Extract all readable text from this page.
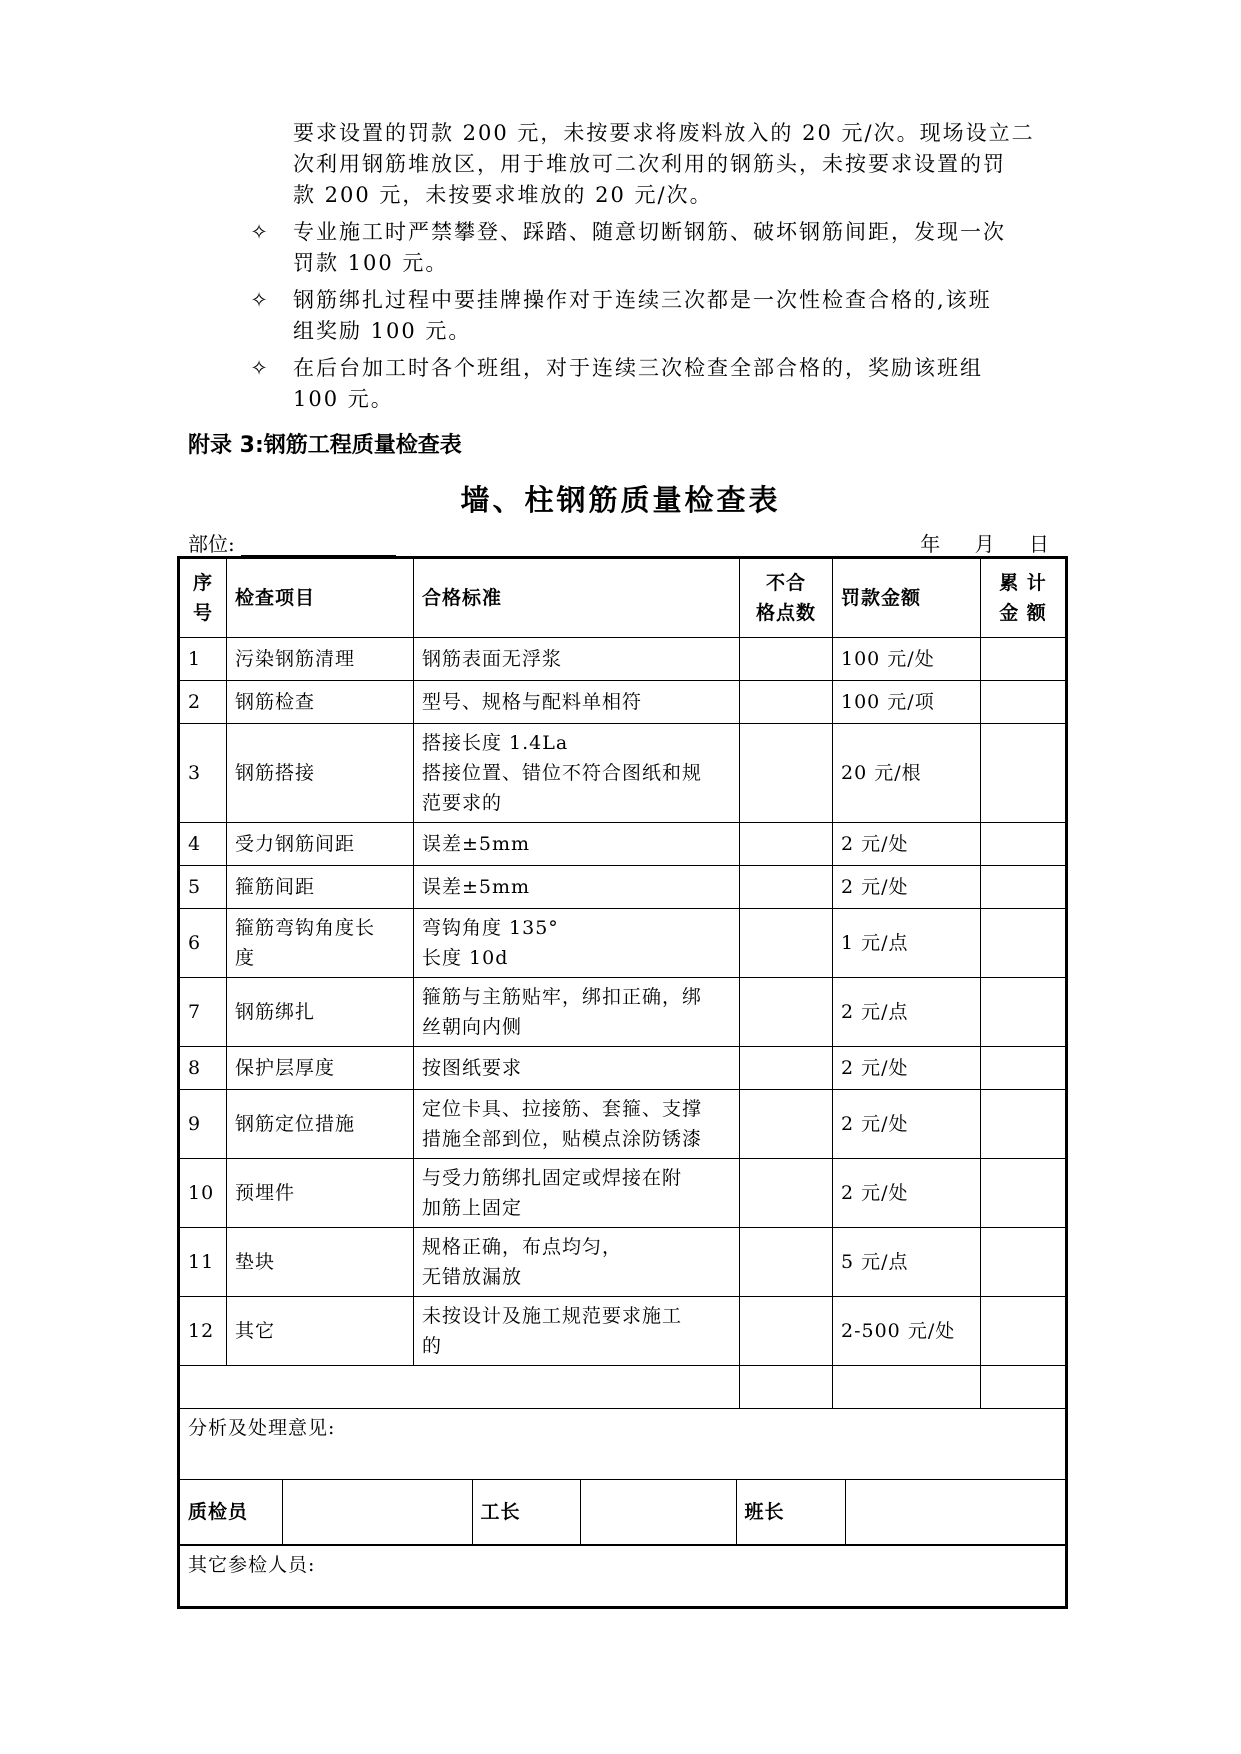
要求设置的罚款 200 元，未按要求将废料放入的 20 元/次。现场设立二

次利用钢筋堆放区，用于堆放可二次利用的钢筋头，未按要求设置的罚

款 200 元，未按要求堆放的 20 元/次。

✧ 专业施工时严禁攀登、踩踏、随意切断钢筋、破坏钢筋间距，发现一次
罚款 100 元。

✧ 钢筋绑扎过程中要挂牌操作对于连续三次都是一次性检查合格的,该班
组奖励 100 元。

✧ 在后台加工时各个班组，对于连续三次检查全部合格的，奖励该班组
100 元。

附录 3:钢筋工程质量检查表
墙、柱钢筋质量检查表
部位:	年 月 日
序
号	检查项目	合格标准	不合
格点数	罚款金额	累 计
金 额
1	污染钢筋清理	钢筋表面无浮浆		100 元/处	
2	钢筋检查	型号、规格与配料单相符		100 元/项	
3	钢筋搭接	搭接长度 1.4La
搭接位置、错位不符合图纸和规
范要求的		20 元/根	
4	受力钢筋间距	误差±5mm		2 元/处	
5	箍筋间距	误差±5mm		2 元/处	
6	箍筋弯钩角度长
度	弯钩角度 135°
长度 10d		1 元/点	
7	钢筋绑扎	箍筋与主筋贴牢，绑扣正确，绑
丝朝向内侧		2 元/点	
8	保护层厚度	按图纸要求		2 元/处	
9	钢筋定位措施	定位卡具、拉接筋、套箍、支撑
措施全部到位，贴模点涂防锈漆		2 元/处	
10	预埋件	与受力筋绑扎固定或焊接在附
加筋上固定		2 元/处	
11	垫块	规格正确，布点均匀，
无错放漏放		5 元/点	
12	其它	未按设计及施工规范要求施工
的		2-500 元/处	

分析及处理意见:

质检员		工长		班长	

其它参检人员:
